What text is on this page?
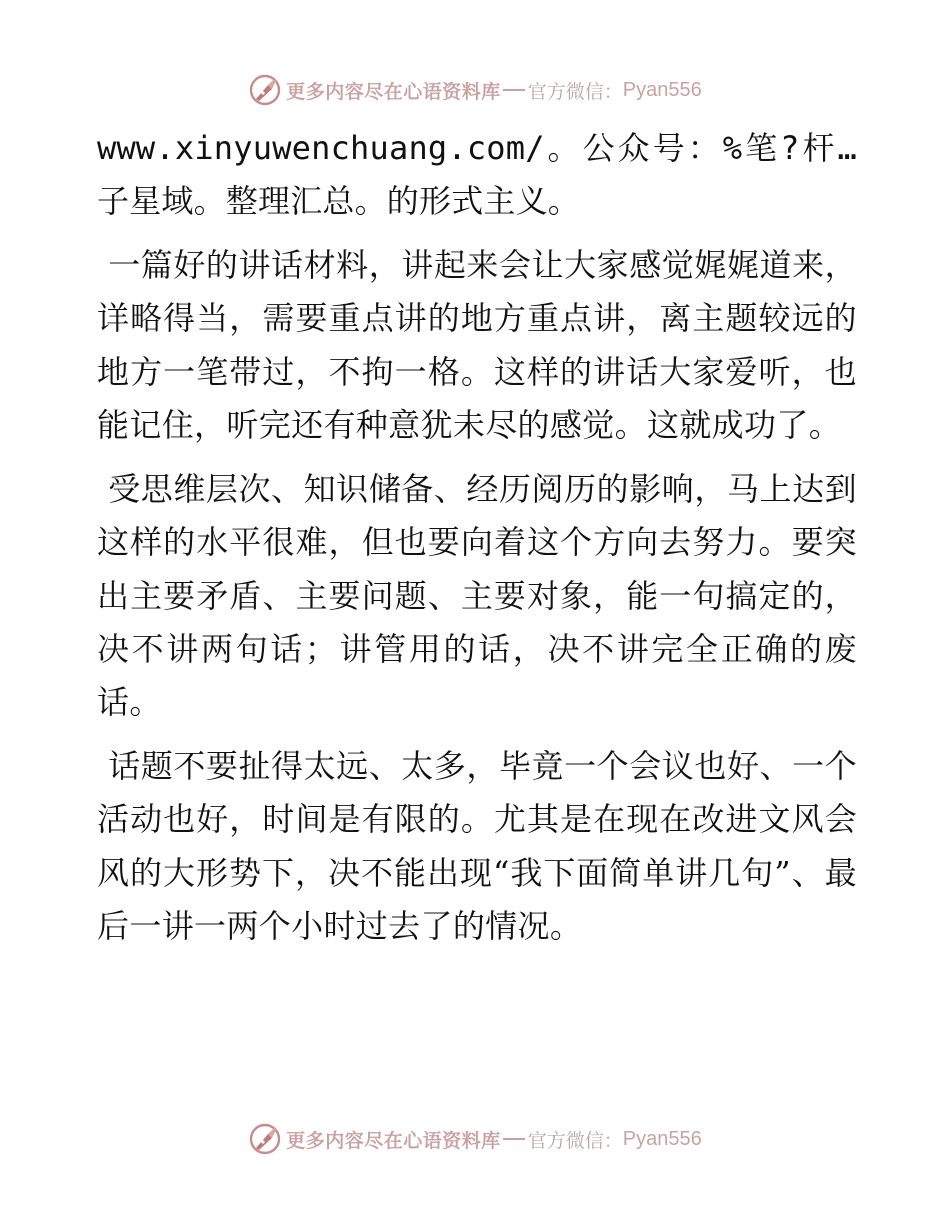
更多内容尽在心语资料库 官方微信： Pyan556

www.xinyuwenchuang.com/。公众号：%笔?杆…子星域。整理汇总。的形式主义。

一篇好的讲话材料，讲起来会让大家感觉娓娓道来，详略得当，需要重点讲的地方重点讲，离主题较远的地方一笔带过，不拘一格。这样的讲话大家爱听，也能记住，听完还有种意犹未尽的感觉。这就成功了。

受思维层次、知识储备、经历阅历的影响，马上达到这样的水平很难，但也要向着这个方向去努力。要突出主要矛盾、主要问题、主要对象，能一句搞定的，决不讲两句话；讲管用的话，决不讲完全正确的废话。

话题不要扯得太远、太多，毕竟一个会议也好、一个活动也好，时间是有限的。尤其是在现在改进文风会风的大形势下，决不能出现“我下面简单讲几句”、最后一讲一两个小时过去了的情况。

更多内容尽在心语资料库 官方微信： Pyan556
